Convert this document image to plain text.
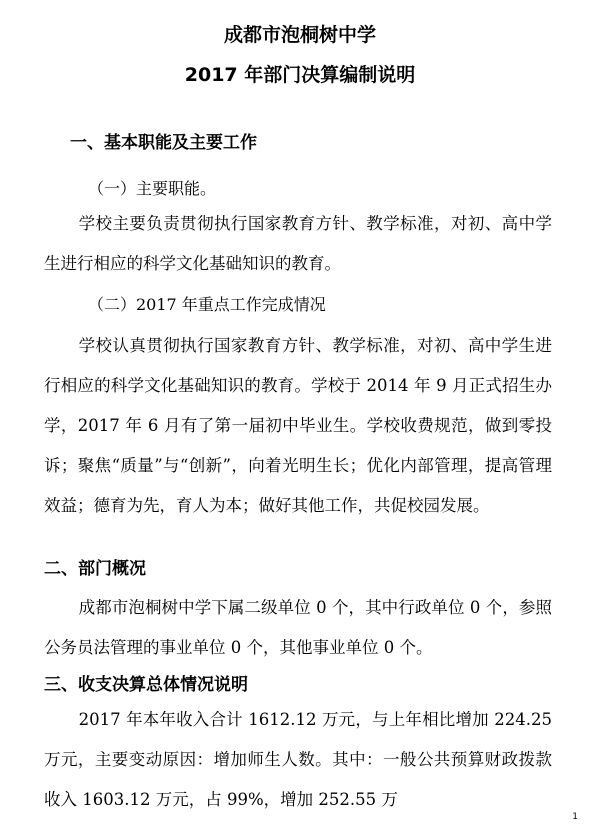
成都市泡桐树中学
2017 年部门决算编制说明
一、基本职能及主要工作
（一）主要职能。
学校主要负责贯彻执行国家教育方针、教学标准，对初、高中学生进行相应的科学文化基础知识的教育。
（二）2017 年重点工作完成情况
学校认真贯彻执行国家教育方针、教学标准，对初、高中学生进行相应的科学文化基础知识的教育。学校于 2014 年 9 月正式招生办学，2017 年 6 月有了第一届初中毕业生。学校收费规范，做到零投诉；聚焦“质量”与“创新”，向着光明生长；优化内部管理，提高管理效益；德育为先，育人为本；做好其他工作，共促校园发展。
二、部门概况
成都市泡桐树中学下属二级单位 0 个，其中行政单位 0 个，参照公务员法管理的事业单位 0 个，其他事业单位 0 个。
三、收支决算总体情况说明
2017 年本年收入合计 1612.12 万元，与上年相比增加 224.25 万元，主要变动原因：增加师生人数。其中：一般公共预算财政拨款收入 1603.12 万元，占 99%，增加 252.55 万
1
